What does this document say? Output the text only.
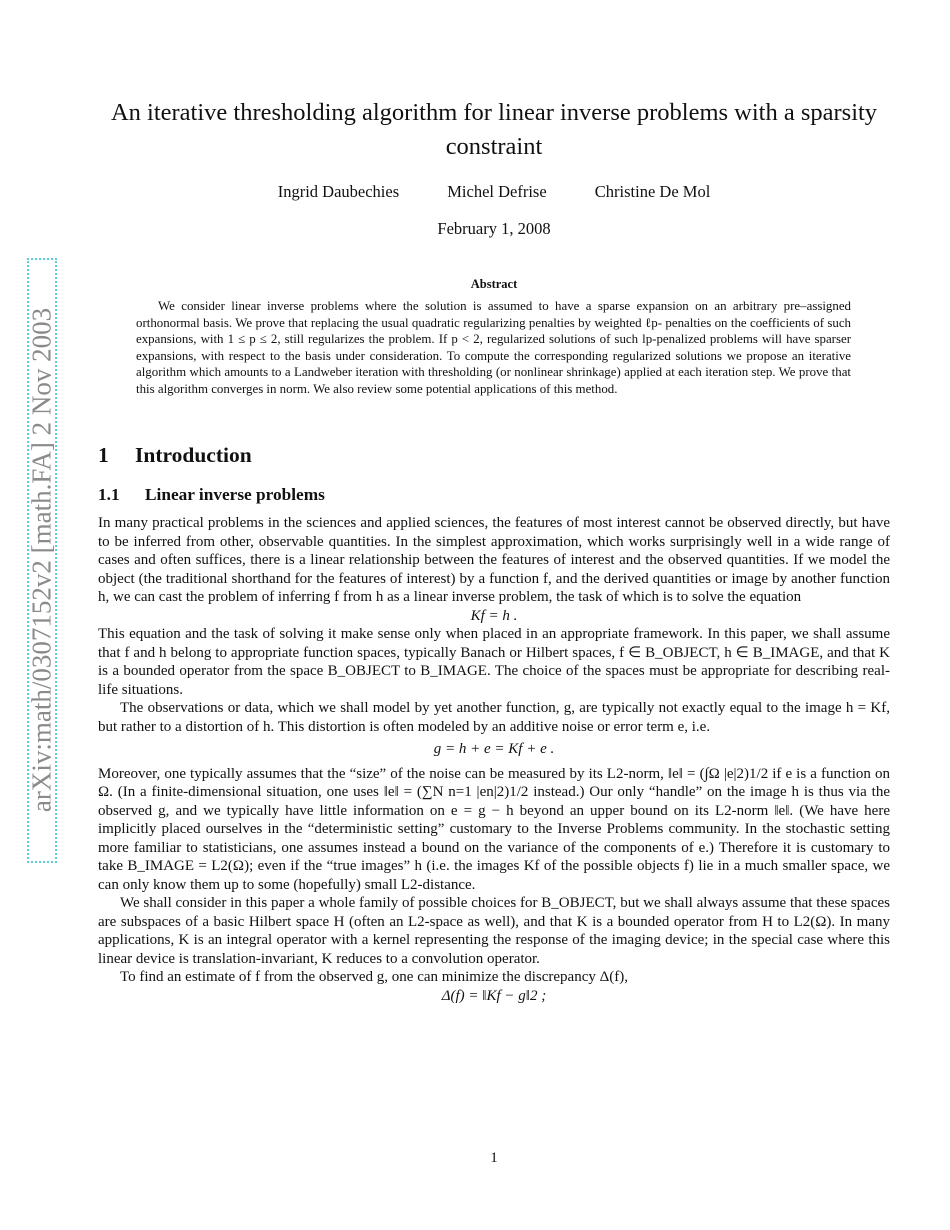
arXiv:math/0307152v2 [math.FA] 2 Nov 2003
An iterative thresholding algorithm for linear inverse problems with a sparsity constraint
Ingrid Daubechies	Michel Defrise	Christine De Mol
February 1, 2008
Abstract
We consider linear inverse problems where the solution is assumed to have a sparse expansion on an arbitrary pre–assigned orthonormal basis. We prove that replacing the usual quadratic regularizing penalties by weighted ℓp- penalties on the coefficients of such expansions, with 1 ≤ p ≤ 2, still regularizes the problem. If p < 2, regularized solutions of such lp-penalized problems will have sparser expansions, with respect to the basis under consideration. To compute the corresponding regularized solutions we propose an iterative algorithm which amounts to a Landweber iteration with thresholding (or nonlinear shrinkage) applied at each iteration step. We prove that this algorithm converges in norm. We also review some potential applications of this method.
1 Introduction
1.1 Linear inverse problems

In many practical problems in the sciences and applied sciences, the features of most interest cannot be observed directly, but have to be inferred from other, observable quantities. In the simplest approximation, which works surprisingly well in a wide range of cases and often suffices, there is a linear relationship between the features of interest and the observed quantities. If we model the object (the traditional shorthand for the features of interest) by a function f, and the derived quantities or image by another function h, we can cast the problem of inferring f from h as a linear inverse problem, the task of which is to solve the equation

Kf = h .

This equation and the task of solving it make sense only when placed in an appropriate framework. In this paper, we shall assume that f and h belong to appropriate function spaces, typically Banach or Hilbert spaces, f ∈ B_OBJECT, h ∈ B_IMAGE, and that K is a bounded operator from the space B_OBJECT to B_IMAGE. The choice of the spaces must be appropriate for describing real-life situations.

The observations or data, which we shall model by yet another function, g, are typically not exactly equal to the image h = Kf, but rather to a distortion of h. This distortion is often modeled by an additive noise or error term e, i.e.

g = h + e = Kf + e .

Moreover, one typically assumes that the “size” of the noise can be measured by its L2-norm, ‖e‖ = (∫Ω |e|2)1/2 if e is a function on Ω. (In a finite-dimensional situation, one uses ‖e‖ = (∑N n=1 |en|2)1/2 instead.) Our only “handle” on the image h is thus via the observed g, and we typically have little information on e = g − h beyond an upper bound on its L2-norm ‖e‖. (We have here implicitly placed ourselves in the “deterministic setting” customary to the Inverse Problems community. In the stochastic setting more familiar to statisticians, one assumes instead a bound on the variance of the components of e.) Therefore it is customary to take B_IMAGE = L2(Ω); even if the “true images” h (i.e. the images Kf of the possible objects f) lie in a much smaller space, we can only know them up to some (hopefully) small L2-distance.

We shall consider in this paper a whole family of possible choices for B_OBJECT, but we shall always assume that these spaces are subspaces of a basic Hilbert space H (often an L2-space as well), and that K is a bounded operator from H to L2(Ω). In many applications, K is an integral operator with a kernel representing the response of the imaging device; in the special case where this linear device is translation-invariant, K reduces to a convolution operator.

To find an estimate of f from the observed g, one can minimize the discrepancy Δ(f),

Δ(f) = ‖Kf − g‖2 ;

1
